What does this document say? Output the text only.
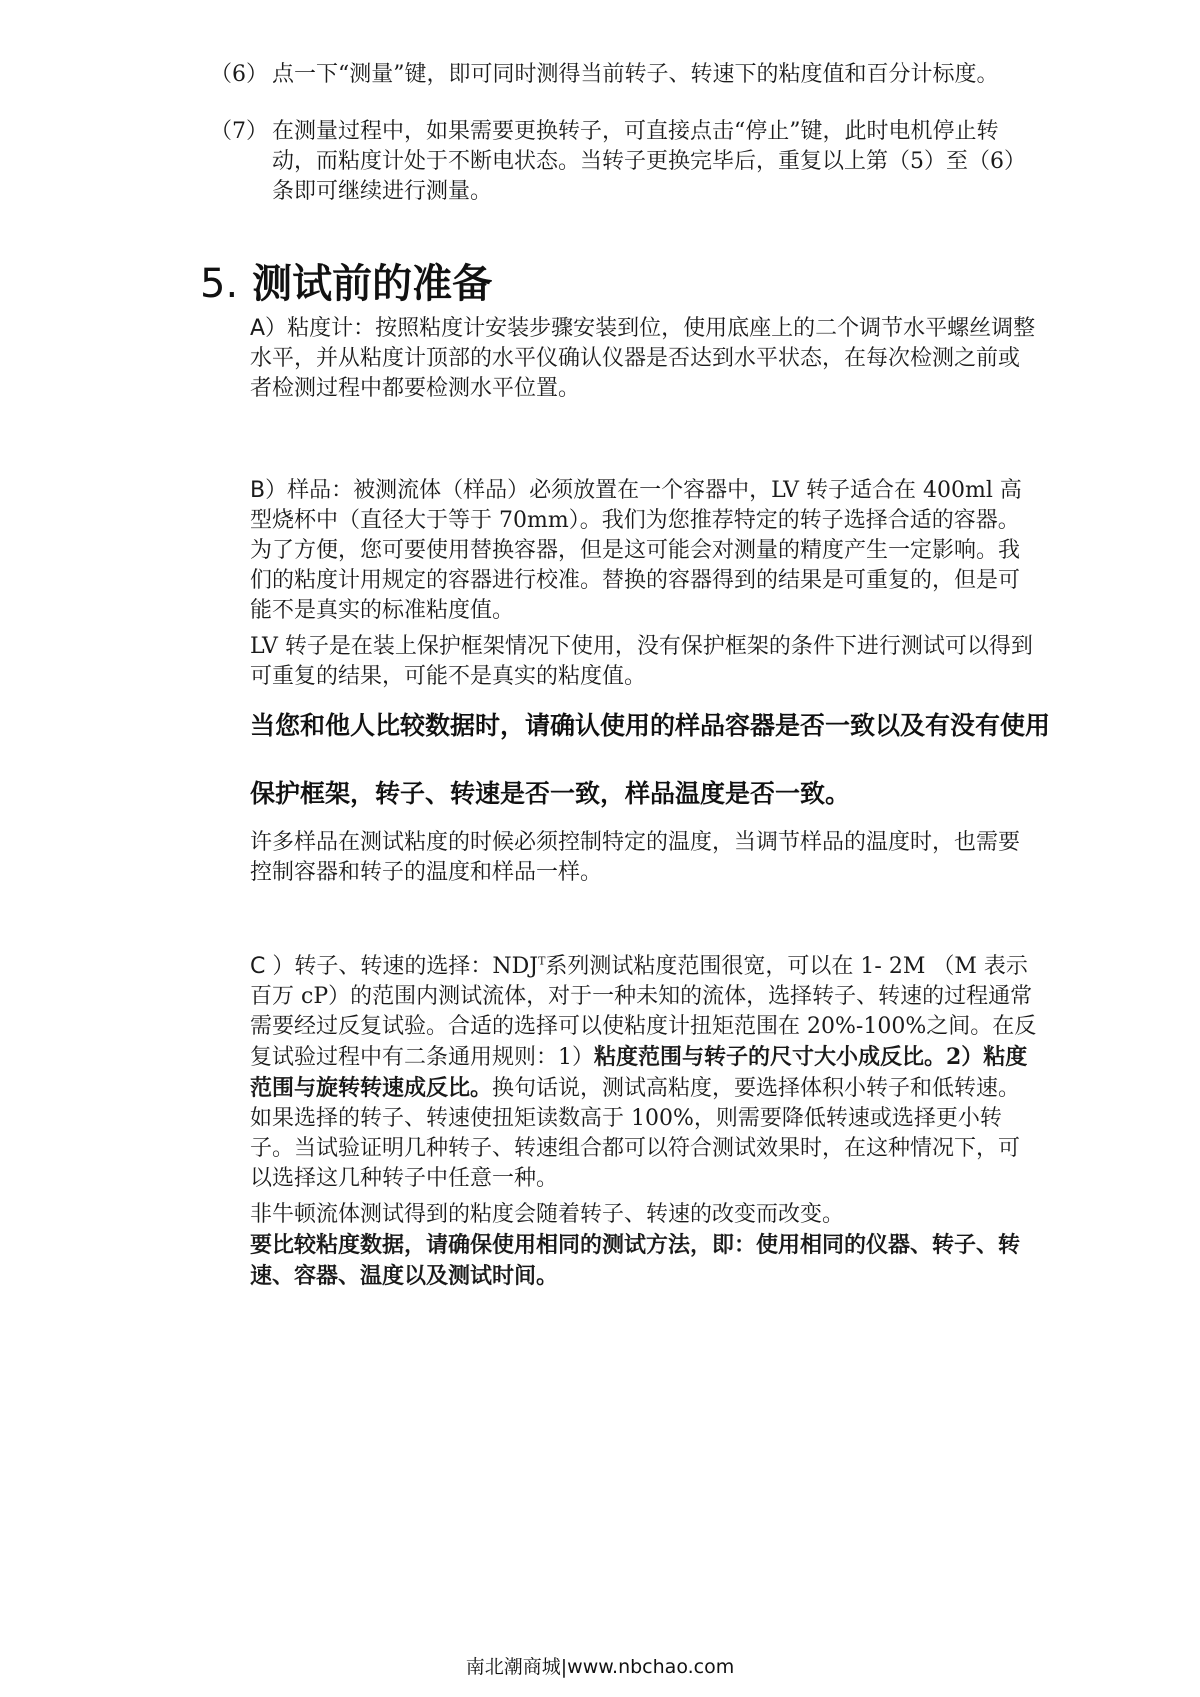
（6） 点一下“测量”键，即可同时测得当前转子、转速下的粘度值和百分计标度。
（7） 在测量过程中，如果需要更换转子，可直接点击“停止”键，此时电机停止转动，而粘度计处于不断电状态。当转子更换完毕后，重复以上第（5）至（6）条即可继续进行测量。
5. 测试前的准备

A）粘度计：按照粘度计安装步骤安装到位，使用底座上的二个调节水平螺丝调整水平，并从粘度计顶部的水平仪确认仪器是否达到水平状态，在每次检测之前或者检测过程中都要检测水平位置。

B）样品：被测流体（样品）必须放置在一个容器中，LV 转子适合在 400ml 高型烧杯中（直径大于等于 70mm）。我们为您推荐特定的转子选择合适的容器。为了方便，您可要使用替换容器，但是这可能会对测量的精度产生一定影响。我们的粘度计用规定的容器进行校准。替换的容器得到的结果是可重复的，但是可能不是真实的标准粘度值。

LV 转子是在装上保护框架情况下使用，没有保护框架的条件下进行测试可以得到可重复的结果，可能不是真实的粘度值。

当您和他人比较数据时，请确认使用的样品容器是否一致以及有没有使用保护框架，转子、转速是否一致，样品温度是否一致。

许多样品在测试粘度的时候必须控制特定的温度，当调节样品的温度时，也需要控制容器和转子的温度和样品一样。

C ）转子、转速的选择：$NDJ^T$系列测试粘度范围很宽，可以在 1- 2M （M 表示百万 cP）的范围内测试流体，对于一种未知的流体，选择转子、转速的过程通常需要经过反复试验。合适的选择可以使粘度计扭矩范围在 20%-100%之间。在反复试验过程中有二条通用规则：1）粘度范围与转子的尺寸大小成反比。2）粘度范围与旋转转速成反比。换句话说，测试高粘度，要选择体积小转子和低转速。如果选择的转子、转速使扭矩读数高于 100%，则需要降低转速或选择更小转子。当试验证明几种转子、转速组合都可以符合测试效果时，在这种情况下，可以选择这几种转子中任意一种。

非牛顿流体测试得到的粘度会随着转子、转速的改变而改变。

要比较粘度数据，请确保使用相同的测试方法，即：使用相同的仪器、转子、转速、容器、温度以及测试时间。

南北潮商城|www.nbchao.com
